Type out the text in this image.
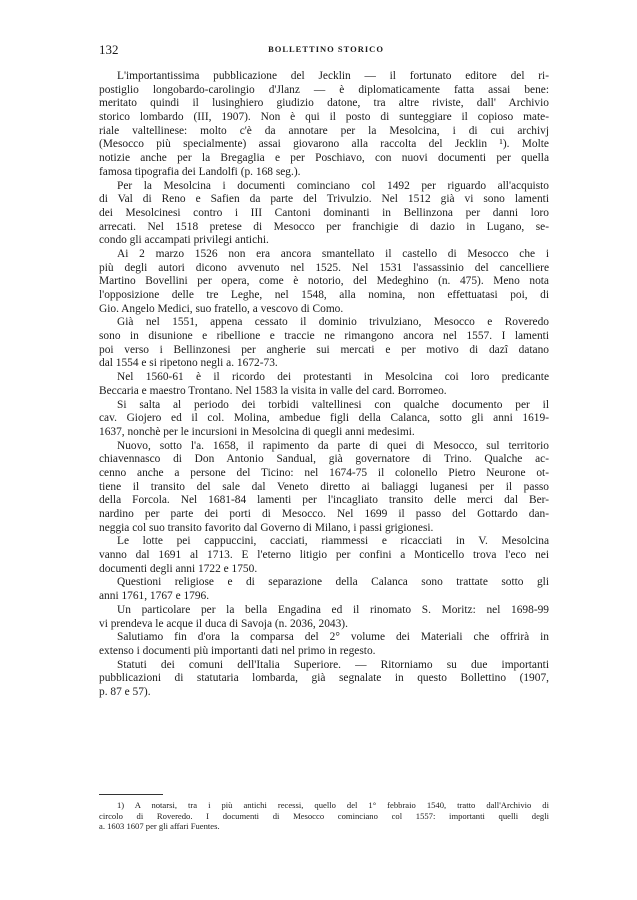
132	BOLLETTINO STORICO
L'importantissima pubblicazione del Jecklin — il fortunato editore del ri-
postiglio longobardo-carolingio d'Jlanz — è diplomaticamente fatta assai bene:
meritato quindi il lusinghiero giudizio datone, tra altre riviste, dall' Archivio
storico lombardo (III, 1907). Non è qui il posto di sunteggiare il copioso mate-
riale valtellinese: molto c'è da annotare per la Mesolcina, i di cui archivj
(Mesocco più specialmente) assai giovarono alla raccolta del Jecklin ¹). Molte
notizie anche per la Bregaglia e per Poschiavo, con nuovi documenti per quella
famosa tipografia dei Landolfi (p. 168 seg.).
Per la Mesolcina i documenti cominciano col 1492 per riguardo all'acquisto
di Val di Reno e Safien da parte del Trivulzio. Nel 1512 già vi sono lamenti
dei Mesolcinesi contro i III Cantoni dominanti in Bellinzona per danni loro
arrecati. Nel 1518 pretese di Mesocco per franchigie di dazio in Lugano, se-
condo gli accampati privilegi antichi.
Ai 2 marzo 1526 non era ancora smantellato il castello di Mesocco che i
più degli autori dicono avvenuto nel 1525. Nel 1531 l'assassinio del cancelliere
Martino Bovellini per opera, come è notorio, del Medeghino (n. 475). Meno nota
l'opposizione delle tre Leghe, nel 1548, alla nomina, non effettuatasi poi, di
Gio. Angelo Medici, suo fratello, a vescovo di Como.
Già nel 1551, appena cessato il dominio trivulziano, Mesocco e Roveredo
sono in disunione e ribellione e traccie ne rimangono ancora nel 1557. I lamenti
poi verso i Bellinzonesi per angherie sui mercati e per motivo di dazî datano
dal 1554 e si ripetono negli a. 1672-73.
Nel 1560-61 è il ricordo dei protestanti in Mesolcina coi loro predicante
Beccaria e maestro Trontano. Nel 1583 la visita in valle del card. Borromeo.
Si salta al periodo dei torbidi valtellinesi con qualche documento per il
cav. Giojero ed il col. Molina, ambedue figli della Calanca, sotto gli anni 1619-
1637, nonchè per le incursioni in Mesolcina di quegli anni medesimi.
Nuovo, sotto l'a. 1658, il rapimento da parte di quei di Mesocco, sul territorio
chiavennasco di Don Antonio Sandual, già governatore di Trino. Qualche ac-
cenno anche a persone del Ticino: nel 1674-75 il colonello Pietro Neurone ot-
tiene il transito del sale dal Veneto diretto ai baliaggi luganesi per il passo
della Forcola. Nel 1681-84 lamenti per l'incagliato transito delle merci dal Ber-
nardino per parte dei porti di Mesocco. Nel 1699 il passo del Gottardo dan-
neggia col suo transito favorito dal Governo di Milano, i passi grigionesi.
Le lotte pei cappuccini, cacciati, riammessi e ricacciati in V. Mesolcina
vanno dal 1691 al 1713. E l'eterno litigio per confini a Monticello trova l'eco nei
documenti degli anni 1722 e 1750.
Questioni religiose e di separazione della Calanca sono trattate sotto gli
anni 1761, 1767 e 1796.
Un particolare per la bella Engadina ed il rinomato S. Moritz: nel 1698-99
vi prendeva le acque il duca di Savoja (n. 2036, 2043).
Salutiamo fin d'ora la comparsa del 2° volume dei Materiali che offrirà in
extenso i documenti più importanti dati nel primo in regesto.
Statuti dei comuni dell'Italia Superiore. — Ritorniamo su due importanti
pubblicazioni di statutaria lombarda, già segnalate in questo Bollettino (1907,
p. 87 e 57).
1) A notarsi, tra i più antichi recessi, quello del 1° febbraio 1540, tratto dall'Archivio di
circolo di Roveredo. I documenti di Mesocco cominciano col 1557: importanti quelli degli
a. 1603 1607 per gli affari Fuentes.
